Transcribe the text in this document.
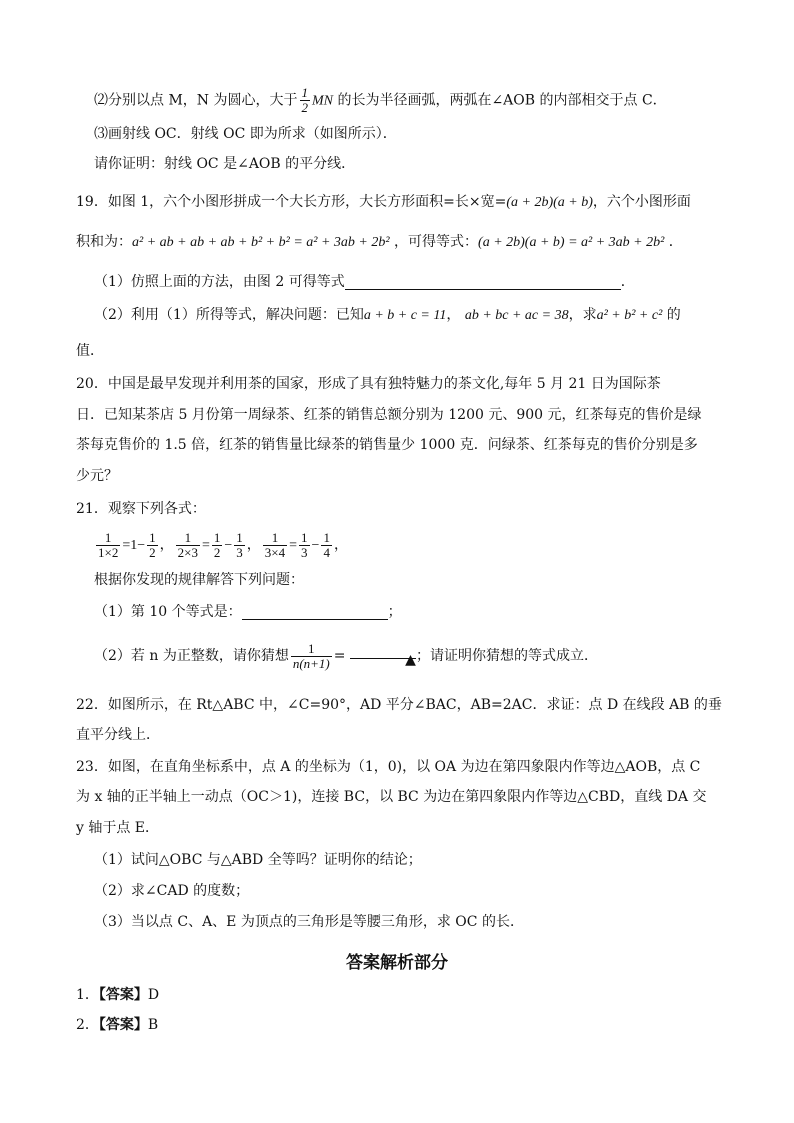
⑵分别以点 M，N 为圆心，大于 $\frac{1}{2}$ MN 的长为半径画弧，两弧在∠AOB 的内部相交于点 C．
⑶画射线 OC．射线 OC 即为所求（如图所示）．
请你证明：射线 OC 是∠AOB 的平分线．
19．如图 1，六个小图形拼成一个大长方形，大长方形面积=长×宽=(a + 2b)(a + b)，六个小图形面
积和为：a² + ab + ab + ab + b² + b² = a² + 3ab + 2b² ，可得等式：(a + 2b)(a + b) = a² + 3ab + 2b² ．
（1）仿照上面的方法，由图 2 可得等式	．
（2）利用（1）所得等式，解决问题：已知a + b + c = 11， ab + bc + ac = 38，求a² + b² + c² 的
值．
20．中国是最早发现并利用茶的国家，形成了具有独特魅力的茶文化,每年 5 月 21 日为国际茶
日．已知某茶店 5 月份第一周绿茶、红茶的销售总额分别为 1200 元、900 元，红茶每克的售价是绿
茶每克售价的 1.5 倍，红茶的销售量比绿茶的销售量少 1000 克．问绿茶、红茶每克的售价分别是多
少元？
21．观察下列各式：
$\frac{1}{1\times 2} =1- \frac{1}{2}$ ， $\frac{1}{2\times 3} = \frac{1}{2} - \frac{1}{3}$ ， $\frac{1}{3\times 4} = \frac{1}{3} - \frac{1}{4}$ ，
根据你发现的规律解答下列问题：
（1）第 10 个等式是：	；
（2）若 n 为正整数，请你猜想 $\frac{1}{n(n+1)}$ =	▲；请证明你猜想的等式成立．
22．如图所示，在 Rt△ABC 中，∠C=90°，AD 平分∠BAC，AB=2AC．求证：点 D 在线段 AB 的垂
直平分线上．
23．如图，在直角坐标系中，点 A 的坐标为（1，0)，以 OA 为边在第四象限内作等边△AOB，点 C
为 x 轴的正半轴上一动点（OC＞1)，连接 BC，以 BC 为边在第四象限内作等边△CBD，直线 DA 交
y 轴于点 E．
（1）试问△OBC 与△ABD 全等吗？证明你的结论；
（2）求∠CAD 的度数；
（3）当以点 C、A、E 为顶点的三角形是等腰三角形，求 OC 的长．
答案解析部分
1．【答案】D
2．【答案】B
